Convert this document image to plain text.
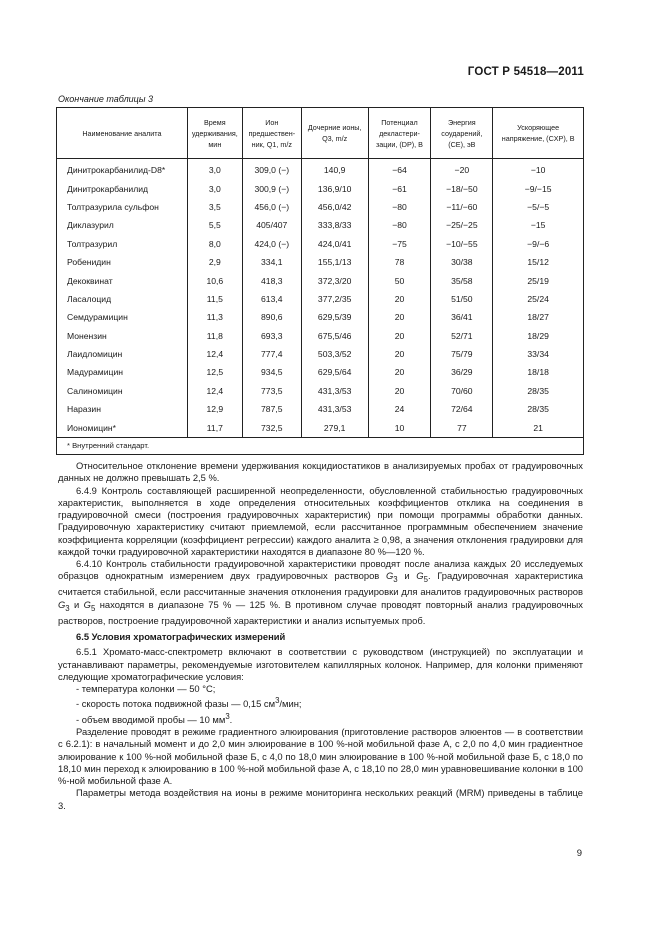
ГОСТ Р 54518—2011
Окончание таблицы 3
Наименование аналита	Время удерживания, мин	Ион предшествен-ник, Q1, m/z	Дочерние ионы, Q3, m/z	Потенциал декластери-зации, (DP), В	Энергия соударений, (CE), эВ	Ускоряющее напряжение, (CXP), В
Динитрокарбанилид-D8*	3,0	309,0 (−)	140,9	−64	−20	−10
Динитрокарбанилид	3,0	300,9 (−)	136,9/10	−61	−18/−50	−9/−15
Толтразурила сульфон	3,5	456,0 (−)	456,0/42	−80	−11/−60	−5/−5
Диклазурил	5,5	405/407	333,8/33	−80	−25/−25	−15
Толтразурил	8,0	424,0 (−)	424,0/41	−75	−10/−55	−9/−6
Робенидин	2,9	334,1	155,1/13	78	30/38	15/12
Декоквинат	10,6	418,3	372,3/20	50	35/58	25/19
Ласалоцид	11,5	613,4	377,2/35	20	51/50	25/24
Семдурамицин	11,3	890,6	629,5/39	20	36/41	18/27
Монензин	11,8	693,3	675,5/46	20	52/71	18/29
Лаидломицин	12,4	777,4	503,3/52	20	75/79	33/34
Мадурамицин	12,5	934,5	629,5/64	20	36/29	18/18
Салиномицин	12,4	773,5	431,3/53	20	70/60	28/35
Наразин	12,9	787,5	431,3/53	24	72/64	28/35
Иономицин*	11,7	732,5	279,1	10	77	21
* Внутренний стандарт.						

Относительное отклонение времени удерживания кокцидиостатиков в анализируемых пробах от градуировочных данных не должно превышать 2,5 %.

6.4.9 Контроль составляющей расширенной неопределенности, обусловленной стабильностью градуировочных характеристик, выполняется в ходе определения относительных коэффициентов отклика на соединения в градуировочной смеси (построения градуировочных характеристик) при помощи программы обработки данных. Градуировочную характеристику считают приемлемой, если рассчитанное программным обеспечением значение коэффициента корреляции (коэффициент регрессии) каждого аналита ≥ 0,98, а значения отклонения градуировки для каждой точки градуировочной характеристики находятся в диапазоне 80 %—120 %.

6.4.10 Контроль стабильности градуировочной характеристики проводят после анализа каждых 20 исследуемых образцов однократным измерением двух градуировочных растворов $G_3$ и $G_5$. Градуировочная характеристика считается стабильной, если рассчитанные значения отклонения градуировки для аналитов градуировочных растворов $G_3$ и $G_5$ находятся в диапазоне 75 % — 125 %. В противном случае проводят повторный анализ градуировочных растворов, построение градуировочной характеристики и анализ испытуемых проб.

6.5 Условия хроматографических измерений

6.5.1 Хромато-масс-спектрометр включают в соответствии с руководством (инструкцией) по эксплуатации и устанавливают параметры, рекомендуемые изготовителем капиллярных колонок. Например, для колонки применяют следующие хроматографические условия:

- температура колонки — 50 °С;

- скорость потока подвижной фазы — 0,15 $см^3$/мин;

- объем вводимой пробы — 10 $мм^3$.

Разделение проводят в режиме градиентного элюирования (приготовление растворов элюентов — в соответствии с 6.2.1): в начальный момент и до 2,0 мин элюирование в 100 %-ной мобильной фазе А, с 2,0 по 4,0 мин градиентное элюирование к 100 %-ной мобильной фазе Б, с 4,0 по 18,0 мин элюирование в 100 %-ной мобильной фазе Б, с 18,0 по 18,10 мин переход к элюированию в 100 %-ной мобильной фазе А, с 18,10 по 28,0 мин уравновешивание колонки в 100 %-ной мобильной фазе А.

Параметры метода воздействия на ионы в режиме мониторинга нескольких реакций (MRM) приведены в таблице 3.

9
